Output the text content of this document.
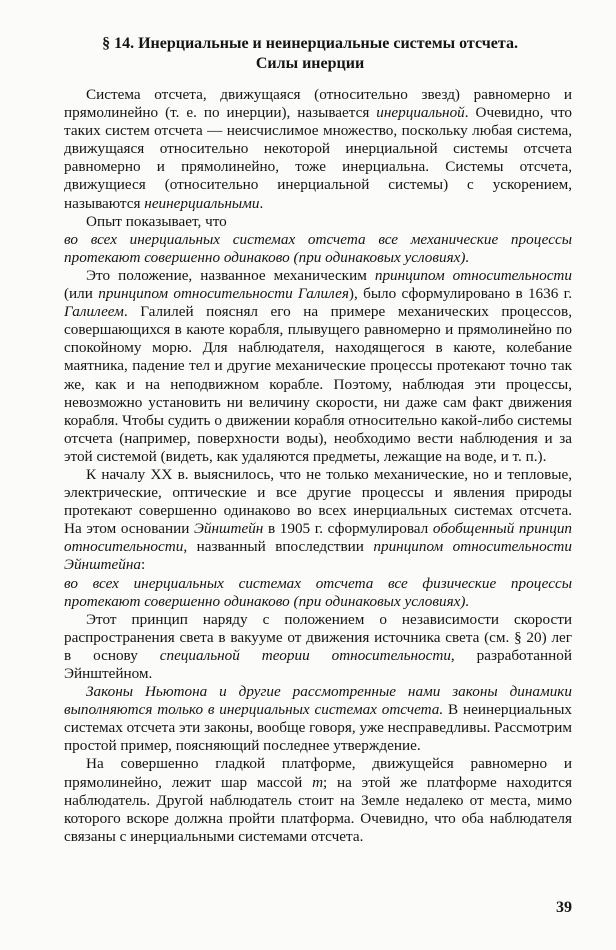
§ 14. Инерциальные и неинерциальные системы отсчета.
Силы инерции

Система отсчета, движущаяся (относительно звезд) равномерно и прямолинейно (т. е. по инерции), называется инерциальной. Очевидно, что таких систем отсчета — неисчислимое множество, поскольку любая система, движущаяся относительно некоторой инерциальной системы отсчета равномерно и прямолинейно, тоже инерциальна. Системы отсчета, движущиеся (относительно инерциальной системы) с ускорением, называются неинерциальными.

Опыт показывает, что

во всех инерциальных системах отсчета все механические процессы протекают совершенно одинаково (при одинаковых условиях).

Это положение, названное механическим принципом относительности (или принципом относительности Галилея), было сформулировано в 1636 г. Галилеем. Галилей пояснял его на примере механических процессов, совершающихся в каюте корабля, плывущего равномерно и прямолинейно по спокойному морю. Для наблюдателя, находящегося в каюте, колебание маятника, падение тел и другие механические процессы протекают точно так же, как и на неподвижном корабле. Поэтому, наблюдая эти процессы, невозможно установить ни величину скорости, ни даже сам факт движения корабля. Чтобы судить о движении корабля относительно какой-либо системы отсчета (например, поверхности воды), необходимо вести наблюдения и за этой системой (видеть, как удаляются предметы, лежащие на воде, и т. п.).

К началу XX в. выяснилось, что не только механические, но и тепловые, электрические, оптические и все другие процессы и явления природы протекают совершенно одинаково во всех инерциальных системах отсчета. На этом основании Эйнштейн в 1905 г. сформулировал обобщенный принцип относительности, названный впоследствии принципом относительности Эйнштейна:

во всех инерциальных системах отсчета все физические процессы протекают совершенно одинаково (при одинаковых условиях).

Этот принцип наряду с положением о независимости скорости распространения света в вакууме от движения источника света (см. § 20) лег в основу специальной теории относительности, разработанной Эйнштейном.

Законы Ньютона и другие рассмотренные нами законы динамики выполняются только в инерциальных системах отсчета. В неинерциальных системах отсчета эти законы, вообще говоря, уже несправедливы. Рассмотрим простой пример, поясняющий последнее утверждение.

На совершенно гладкой платформе, движущейся равномерно и прямолинейно, лежит шар массой m; на этой же платформе находится наблюдатель. Другой наблюдатель стоит на Земле недалеко от места, мимо которого вскоре должна пройти платформа. Очевидно, что оба наблюдателя связаны с инерциальными системами отсчета.

39
